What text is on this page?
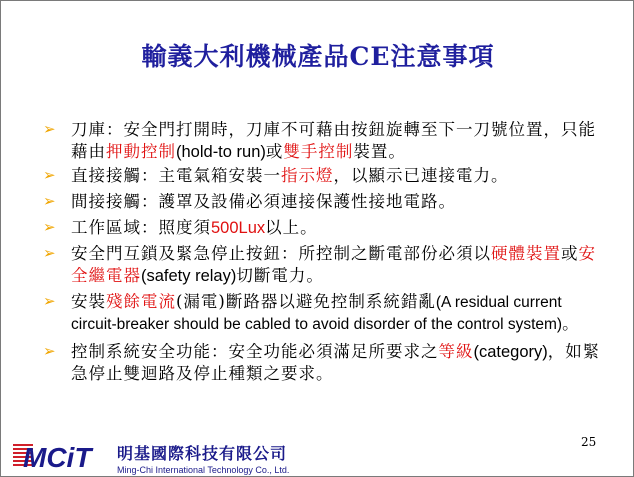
輸義大利機械產品CE注意事項
➢ 刀庫：安全門打開時，刀庫不可藉由按鈕旋轉至下一刀號位置，只能藉由押動控制(hold-to run)或雙手控制裝置。
➢ 直接接觸：主電氣箱安裝一指示燈，以顯示已連接電力。
➢ 間接接觸：護罩及設備必須連接保護性接地電路。
➢ 工作區域：照度須500Lux以上。
➢ 安全門互鎖及緊急停止按鈕：所控制之斷電部份必須以硬體裝置或安全繼電器(safety relay)切斷電力。
➢ 安裝殘餘電流(漏電)斷路器以避免控制系統錯亂(A residual current circuit-breaker should be cabled to avoid disorder of the control system)。
➢ 控制系統安全功能：安全功能必須滿足所要求之等級(category)，如緊急停止雙迴路及停止種類之要求。
MCiT 明基國際科技有限公司
Ming-Chi International Technology Co., Ltd.
25
